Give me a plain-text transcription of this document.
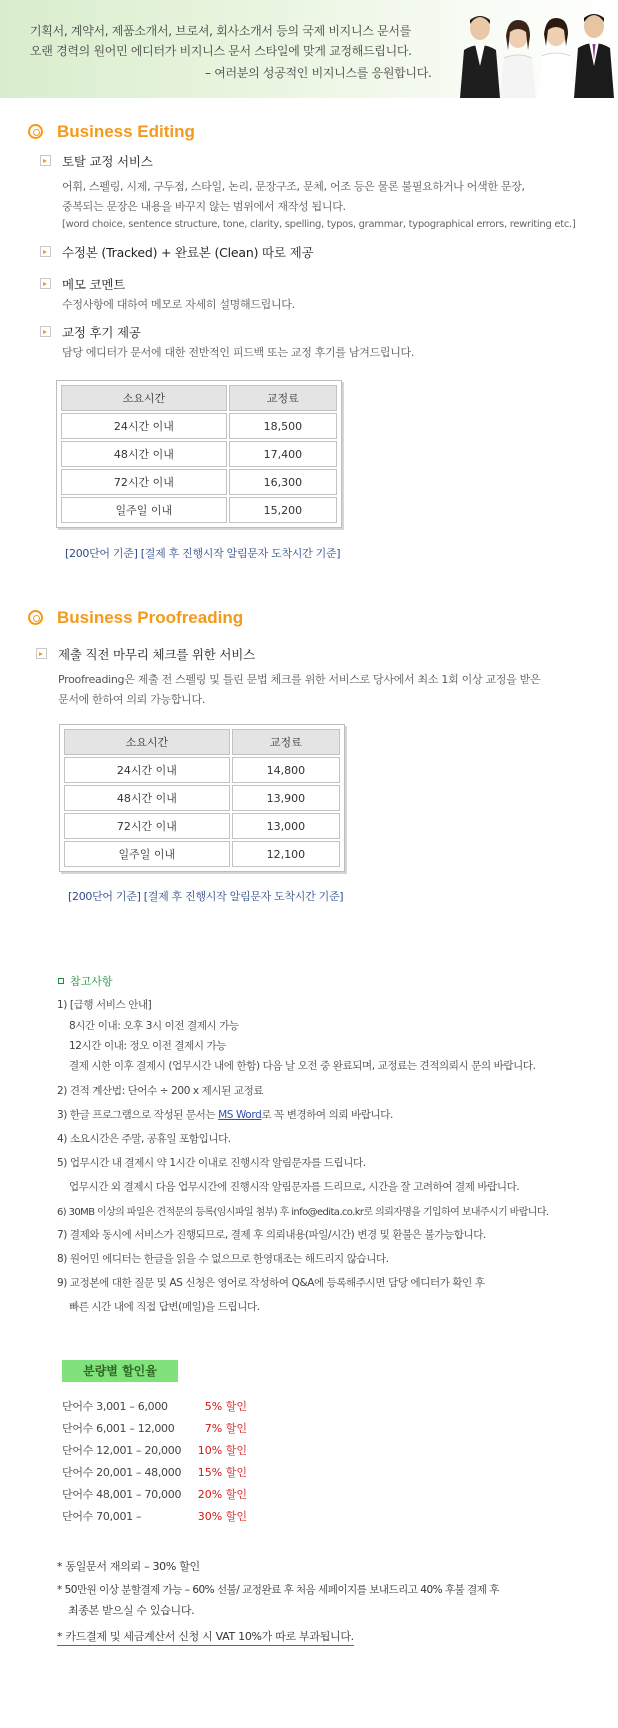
기획서, 계약서, 제품소개서, 브로셔, 회사소개서 등의 국제 비지니스 문서를
오랜 경력의 원어민 에디터가 비지니스 문서 스타일에 맞게 교정해드립니다.
– 여러분의 성공적인 비지니스를 응원합니다.
Business Editing
토탈 교정 서비스
어휘, 스펠링, 시제, 구두점, 스타일, 논리, 문장구조, 문체, 어조 등은 물론 불필요하거나 어색한 문장,
중복되는 문장은 내용을 바꾸지 않는 범위에서 재작성 됩니다.
[word choice, sentence structure, tone, clarity, spelling, typos, grammar, typographical errors, rewriting etc.]
수정본 (Tracked) + 완료본 (Clean) 따로 제공
메모 코멘트
수정사항에 대하여 메모로 자세히 설명해드립니다.
교정 후기 제공
담당 에디터가 문서에 대한 전반적인 피드백 또는 교정 후기를 남겨드립니다.
소요시간	교정료
24시간 이내	18,500
48시간 이내	17,400
72시간 이내	16,300
일주일 이내	15,200
[200단어 기준] [결제 후 진행시작 알림문자 도착시간 기준]
Business Proofreading
제출 직전 마무리 체크를 위한 서비스
Proofreading은 제출 전 스펠링 및 틀린 문법 체크를 위한 서비스로 당사에서 최소 1회 이상 교정을 받은
문서에 한하여 의뢰 가능합니다.
소요시간	교정료
24시간 이내	14,800
48시간 이내	13,900
72시간 이내	13,000
일주일 이내	12,100
[200단어 기준] [결제 후 진행시작 알림문자 도착시간 기준]
참고사항
1) [급행 서비스 안내]
8시간 이내: 오후 3시 이전 결제시 가능
12시간 이내: 정오 이전 결제시 가능
결제 시한 이후 결제시 (업무시간 내에 한함) 다음 날 오전 중 완료되며, 교정료는 견적의뢰시 문의 바랍니다.
2) 견적 계산법: 단어수 ÷ 200 x 제시된 교정료
3) 한글 프로그램으로 작성된 문서는 MS Word로 꼭 변경하여 의뢰 바랍니다.
4) 소요시간은 주말, 공휴일 포함입니다.
5) 업무시간 내 결제시 약 1시간 이내로 진행시작 알림문자를 드립니다.
업무시간 외 결제시 다음 업무시간에 진행시작 알림문자를 드리므로, 시간을 잘 고려하여 결제 바랍니다.
6) 30MB 이상의 파일은 견적문의 등록(임시파일 첨부) 후 info@edita.co.kr로 의뢰자명을 기입하여 보내주시기 바랍니다.
7) 결제와 동시에 서비스가 진행되므로, 결제 후 의뢰내용(파일/시간) 변경 및 환불은 불가능합니다.
8) 원어민 에디터는 한글을 읽을 수 없으므로 한영대조는 해드리지 않습니다.
9) 교정본에 대한 질문 및 AS 신청은 영어로 작성하여 Q&A에 등록해주시면 담당 에디터가 확인 후
빠른 시간 내에 직접 답변(메일)을 드립니다.
분량별 할인율
단어수 3,001 – 6,000	5% 할인
단어수 6,001 – 12,000	7% 할인
단어수 12,001 – 20,000	10% 할인
단어수 20,001 – 48,000	15% 할인
단어수 48,001 – 70,000	20% 할인
단어수 70,001 –	30% 할인
* 동일문서 재의뢰 – 30% 할인
* 50만원 이상 분할결제 가능 – 60% 선불/ 교정완료 후 처음 세페이지를 보내드리고 40% 후불 결제 후
최종본 받으실 수 있습니다.
* 카드결제 및 세금계산서 신청 시 VAT 10%가 따로 부과됩니다.
